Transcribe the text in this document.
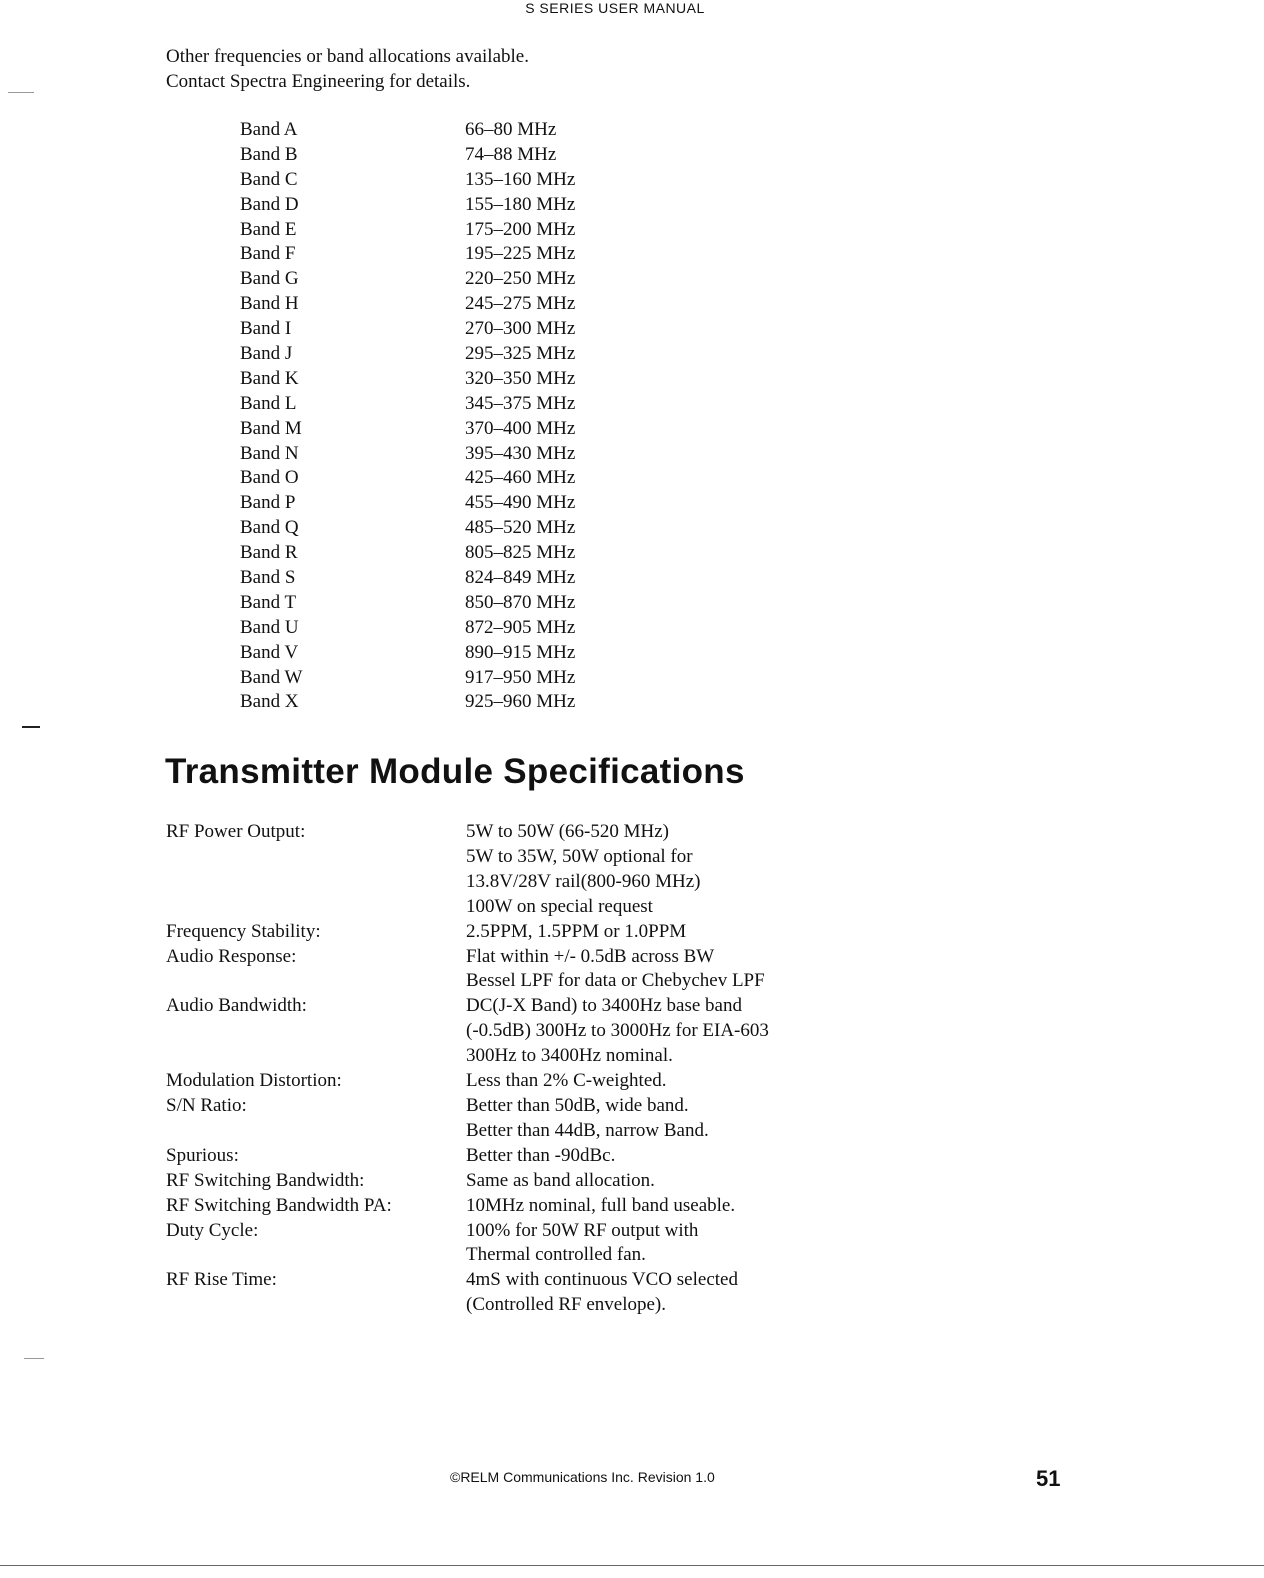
S SERIES USER MANUAL
Other frequencies or band allocations available.
Contact Spectra Engineering for details.
Band A	66–80 MHz
Band B	74–88 MHz
Band C	135–160 MHz
Band D	155–180 MHz
Band E	175–200 MHz
Band F	195–225 MHz
Band G	220–250 MHz
Band H	245–275 MHz
Band I	270–300 MHz
Band J	295–325 MHz
Band K	320–350 MHz
Band L	345–375 MHz
Band M	370–400 MHz
Band N	395–430 MHz
Band O	425–460 MHz
Band P	455–490 MHz
Band Q	485–520 MHz
Band R	805–825 MHz
Band S	824–849 MHz
Band T	850–870 MHz
Band U	872–905 MHz
Band V	890–915 MHz
Band W	917–950 MHz
Band X	925–960 MHz
Transmitter Module Specifications
RF Power Output:	5W to 50W (66-520 MHz)
5W to 35W, 50W optional for
13.8V/28V rail(800-960 MHz)
100W on special request
Frequency Stability:	2.5PPM, 1.5PPM or 1.0PPM
Audio Response:	Flat within +/- 0.5dB across BW
Bessel LPF for data or Chebychev LPF
Audio Bandwidth:	DC(J-X Band) to 3400Hz base band
(-0.5dB) 300Hz to 3000Hz for EIA-603
300Hz to 3400Hz nominal.
Modulation Distortion:	Less than 2% C-weighted.
S/N Ratio:	Better than 50dB, wide band.
Better than 44dB, narrow Band.
Spurious:	Better than -90dBc.
RF Switching Bandwidth:	Same as band allocation.
RF Switching Bandwidth PA:	10MHz nominal, full band useable.
Duty Cycle:	100% for 50W RF output with
Thermal controlled fan.
RF Rise Time:	4mS with continuous VCO selected
(Controlled RF envelope).
©RELM Communications Inc. Revision 1.0	51
